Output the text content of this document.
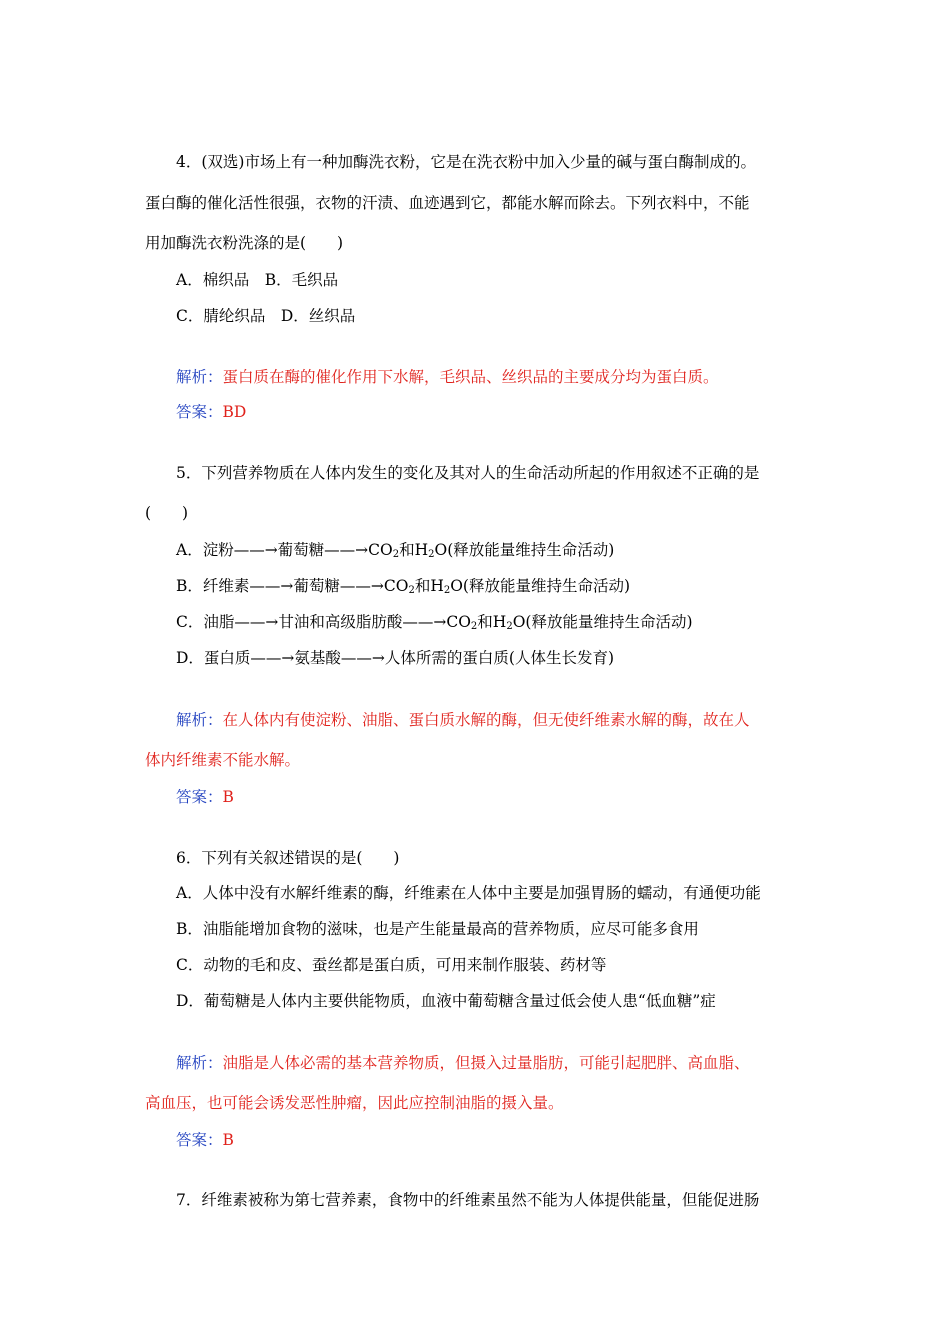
4．(双选)市场上有一种加酶洗衣粉，它是在洗衣粉中加入少量的碱与蛋白酶制成的。
蛋白酶的催化活性很强，衣物的汗渍、血迹遇到它，都能水解而除去。下列衣料中，不能
用加酶洗衣粉洗涤的是(　　)
A．棉织品　B．毛织品
C．腈纶织品　D．丝织品
解析：蛋白质在酶的催化作用下水解，毛织品、丝织品的主要成分均为蛋白质。
答案：BD
5．下列营养物质在人体内发生的变化及其对人的生命活动所起的作用叙述不正确的是
(　　)
A．淀粉——→葡萄糖$——\to CO_2$和$H_2O$(释放能量维持生命活动)
B．纤维素——→葡萄糖$——\to CO_2$和$H_2O$(释放能量维持生命活动)
C．油脂——→甘油和高级脂肪酸$——\to CO_2$和$H_2O$(释放能量维持生命活动)
D．蛋白质——→氨基酸——→人体所需的蛋白质(人体生长发育)
解析：在人体内有使淀粉、油脂、蛋白质水解的酶，但无使纤维素水解的酶，故在人
体内纤维素不能水解。
答案：B
6．下列有关叙述错误的是(　　)
A．人体中没有水解纤维素的酶，纤维素在人体中主要是加强胃肠的蠕动，有通便功能
B．油脂能增加食物的滋味，也是产生能量最高的营养物质，应尽可能多食用
C．动物的毛和皮、蚕丝都是蛋白质，可用来制作服装、药材等
D．葡萄糖是人体内主要供能物质，血液中葡萄糖含量过低会使人患“低血糖”症
解析：油脂是人体必需的基本营养物质，但摄入过量脂肪，可能引起肥胖、高血脂、
高血压，也可能会诱发恶性肿瘤，因此应控制油脂的摄入量。
答案：B
7．纤维素被称为第七营养素，食物中的纤维素虽然不能为人体提供能量，但能促进肠
